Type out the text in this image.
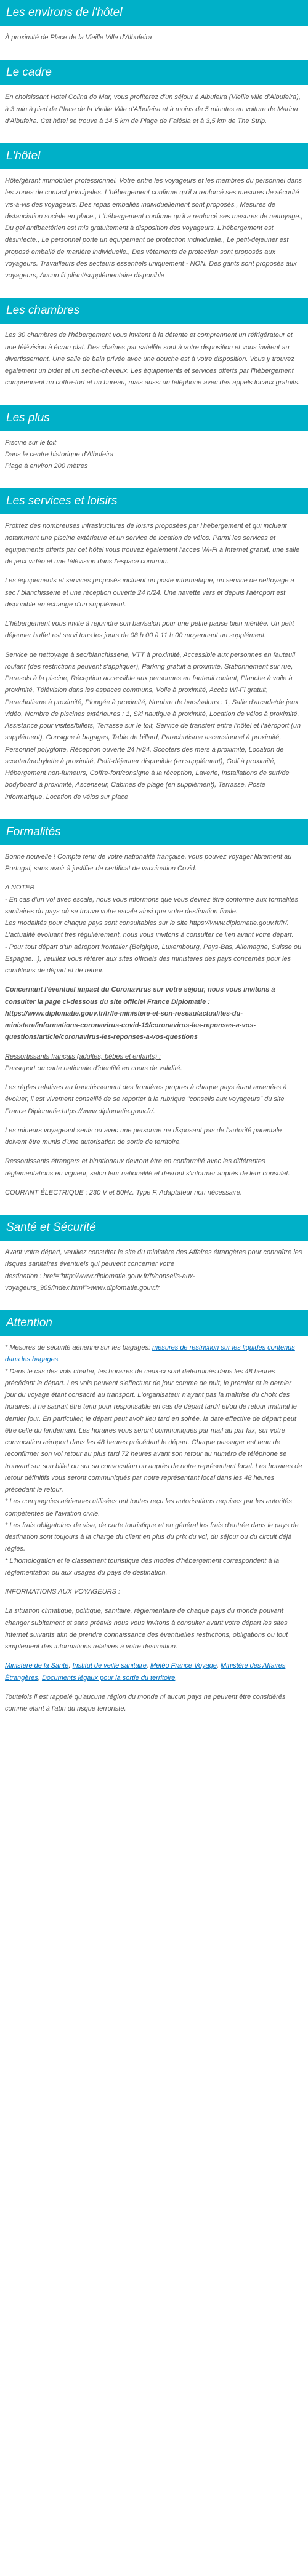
Les environs de l'hôtel

À proximité de Place de la Vieille Ville d'Albufeira

Le cadre

En choisissant Hotel Colina do Mar, vous profiterez d'un séjour à Albufeira (Vieille ville d'Albufeira), à 3 min à pied de Place de la Vieille Ville d'Albufeira et à moins de 5 minutes en voiture de Marina d'Albufeira. Cet hôtel se trouve à 14,5 km de Plage de Falésia et à 3,5 km de The Strip.

L'hôtel

Hôte/gérant immobilier professionnel. Votre entre les voyageurs et les membres du personnel dans les zones de contact principales. L'hébergement confirme qu'il a renforcé ses mesures de sécurité vis-à-vis des voyageurs. Des repas emballés individuellement sont proposés., Mesures de distanciation sociale en place., L'hébergement confirme qu'il a renforcé ses mesures de nettoyage., Du gel antibactérien est mis gratuitement à disposition des voyageurs. L'hébergement est désinfecté., Le personnel porte un équipement de protection individuelle., Le petit-déjeuner est proposé emballé de manière individuelle., Des vêtements de protection sont proposés aux voyageurs. Travailleurs des secteurs essentiels uniquement - NON. Des gants sont proposés aux voyageurs, Aucun lit pliant/supplémentaire disponible

Les chambres

Les 30 chambres de l'hébergement vous invitent à la détente et comprennent un réfrigérateur et une télévision à écran plat. Des chaînes par satellite sont à votre disposition et vous invitent au divertissement. Une salle de bain privée avec une douche est à votre disposition. Vous y trouvez également un bidet et un sèche-cheveux. Les équipements et services offerts par l'hébergement comprennent un coffre-fort et un bureau, mais aussi un téléphone avec des appels locaux gratuits.

Les plus

Piscine sur le toit
Dans le centre historique d'Albufeira
Plage à environ 200 mètres

Les services et loisirs

Profitez des nombreuses infrastructures de loisirs proposées par l'hébergement et qui incluent notamment une piscine extérieure et un service de location de vélos. Parmi les services et équipements offerts par cet hôtel vous trouvez également l'accès Wi-Fi à Internet gratuit, une salle de jeux vidéo et une télévision dans l'espace commun.

Les équipements et services proposés incluent un poste informatique, un service de nettoyage à sec / blanchisserie et une réception ouverte 24 h/24. Une navette vers et depuis l'aéroport est disponible en échange d'un supplément.

L'hébergement vous invite à rejoindre son bar/salon pour une petite pause bien méritée. Un petit déjeuner buffet est servi tous les jours de 08 h 00 à 11 h 00 moyennant un supplément.

Service de nettoyage à sec/blanchisserie, VTT à proximité, Accessible aux personnes en fauteuil roulant (des restrictions peuvent s'appliquer), Parking gratuit à proximité, Stationnement sur rue, Parasols à la piscine, Réception accessible aux personnes en fauteuil roulant, Planche à voile à proximité, Télévision dans les espaces communs, Voile à proximité, Accès Wi-Fi gratuit, Parachutisme à proximité, Plongée à proximité, Nombre de bars/salons : 1, Salle d'arcade/de jeux vidéo, Nombre de piscines extérieures : 1, Ski nautique à proximité, Location de vélos à proximité, Assistance pour visites/billets, Terrasse sur le toit, Service de transfert entre l'hôtel et l'aéroport (un supplément), Consigne à bagages, Table de billard, Parachutisme ascensionnel à proximité, Personnel polyglotte, Réception ouverte 24 h/24, Scooters des mers à proximité, Location de scooter/mobylette à proximité, Petit-déjeuner disponible (en supplément), Golf à proximité, Hébergement non-fumeurs, Coffre-fort/consigne à la réception, Laverie, Installations de surf/de bodyboard à proximité, Ascenseur, Cabines de plage (en supplément), Terrasse, Poste informatique, Location de vélos sur place

Formalités

Bonne nouvelle ! Compte tenu de votre nationalité française, vous pouvez voyager librement au Portugal, sans avoir à justifier de certificat de vaccination Covid.

A NOTER

- En cas d'un vol avec escale, nous vous informons que vous devrez être conforme aux formalités sanitaires du pays où se trouve votre escale ainsi que votre destination finale.
Les modalités pour chaque pays sont consultables sur le site https://www.diplomatie.gouv.fr/fr/. L'actualité évoluant très régulièrement, nous vous invitons à consulter ce lien avant votre départ.
- Pour tout départ d'un aéroport frontalier (Belgique, Luxembourg, Pays-Bas, Allemagne, Suisse ou Espagne...), veuillez vous référer aux sites officiels des ministères des pays concernés pour les conditions de départ et de retour.

Concernant l'éventuel impact du Coronavirus sur votre séjour, nous vous invitons à consulter la page ci-dessous du site officiel France Diplomatie : https://www.diplomatie.gouv.fr/fr/le-ministere-et-son-reseau/actualites-du-ministere/informations-coronavirus-covid-19/coronavirus-les-reponses-a-vos-questions/article/coronavirus-les-reponses-a-vos-questions

Ressortissants français (adultes, bébés et enfants) :
Passeport ou carte nationale d'identité en cours de validité.

Les règles relatives au franchissement des frontières propres à chaque pays étant amenées à évoluer, il est vivement conseillé de se reporter à la rubrique "conseils aux voyageurs" du site France Diplomatie:https://www.diplomatie.gouv.fr/.

Les mineurs voyageant seuls ou avec une personne ne disposant pas de l'autorité parentale doivent être munis d'une autorisation de sortie de territoire.

Ressortissants étrangers et binationaux devront être en conformité avec les différentes réglementations en vigueur, selon leur nationalité et devront s'informer auprès de leur consulat.

COURANT ÉLECTRIQUE : 230 V et 50Hz. Type F. Adaptateur non nécessaire.

Santé et Sécurité

Avant votre départ, veuillez consulter le site du ministère des Affaires étrangères pour connaître les risques sanitaires éventuels qui peuvent concerner votre
destination : href="http://www.diplomatie.gouv.fr/fr/conseils-aux-voyageurs_909/index.html">www.diplomatie.gouv.fr

Attention

* Mesures de sécurité aérienne sur les bagages: mesures de restriction sur les liquides contenus dans les bagages.

* Dans le cas des vols charter, les horaires de ceux-ci sont déterminés dans les 48 heures précédant le départ. Les vols peuvent s'effectuer de jour comme de nuit, le premier et le dernier jour du voyage étant consacré au transport. L'organisateur n'ayant pas la maîtrise du choix des horaires, il ne saurait être tenu pour responsable en cas de départ tardif et/ou de retour matinal le dernier jour. En particulier, le départ peut avoir lieu tard en soirée, la date effective de départ peut être celle du lendemain. Les horaires vous seront communiqués par mail au par fax, sur votre convocation aéroport dans les 48 heures précédant le départ. Chaque passager est tenu de reconfirmer son vol retour au plus tard 72 heures avant son retour au numéro de téléphone se trouvant sur son billet ou sur sa convocation ou auprès de notre représentant local. Les horaires de retour définitifs vous seront communiqués par notre représentant local dans les 48 heures précédant le retour.
* Les compagnies aériennes utilisées ont toutes reçu les autorisations requises par les autorités compétentes de l'aviation civile.
* Les frais obligatoires de visa, de carte touristique et en général les frais d'entrée dans le pays de destination sont toujours à la charge du client en plus du prix du vol, du séjour ou du circuit déjà réglés.
* L'homologation et le classement touristique des modes d'hébergement correspondent à la réglementation ou aux usages du pays de destination.

INFORMATIONS AUX VOYAGEURS :

La situation climatique, politique, sanitaire, réglementaire de chaque pays du monde pouvant changer subitement et sans préavis nous vous invitons à consulter avant votre départ les sites Internet suivants afin de prendre connaissance des éventuelles restrictions, obligations ou tout simplement des informations relatives à votre destination.

Ministère de la Santé, Institut de veille sanitaire, Météo France Voyage, Ministère des Affaires Étrangères, Documents légaux pour la sortie du territoire.

Toutefois il est rappelé qu'aucune région du monde ni aucun pays ne peuvent être considérés comme étant à l'abri du risque terroriste.
